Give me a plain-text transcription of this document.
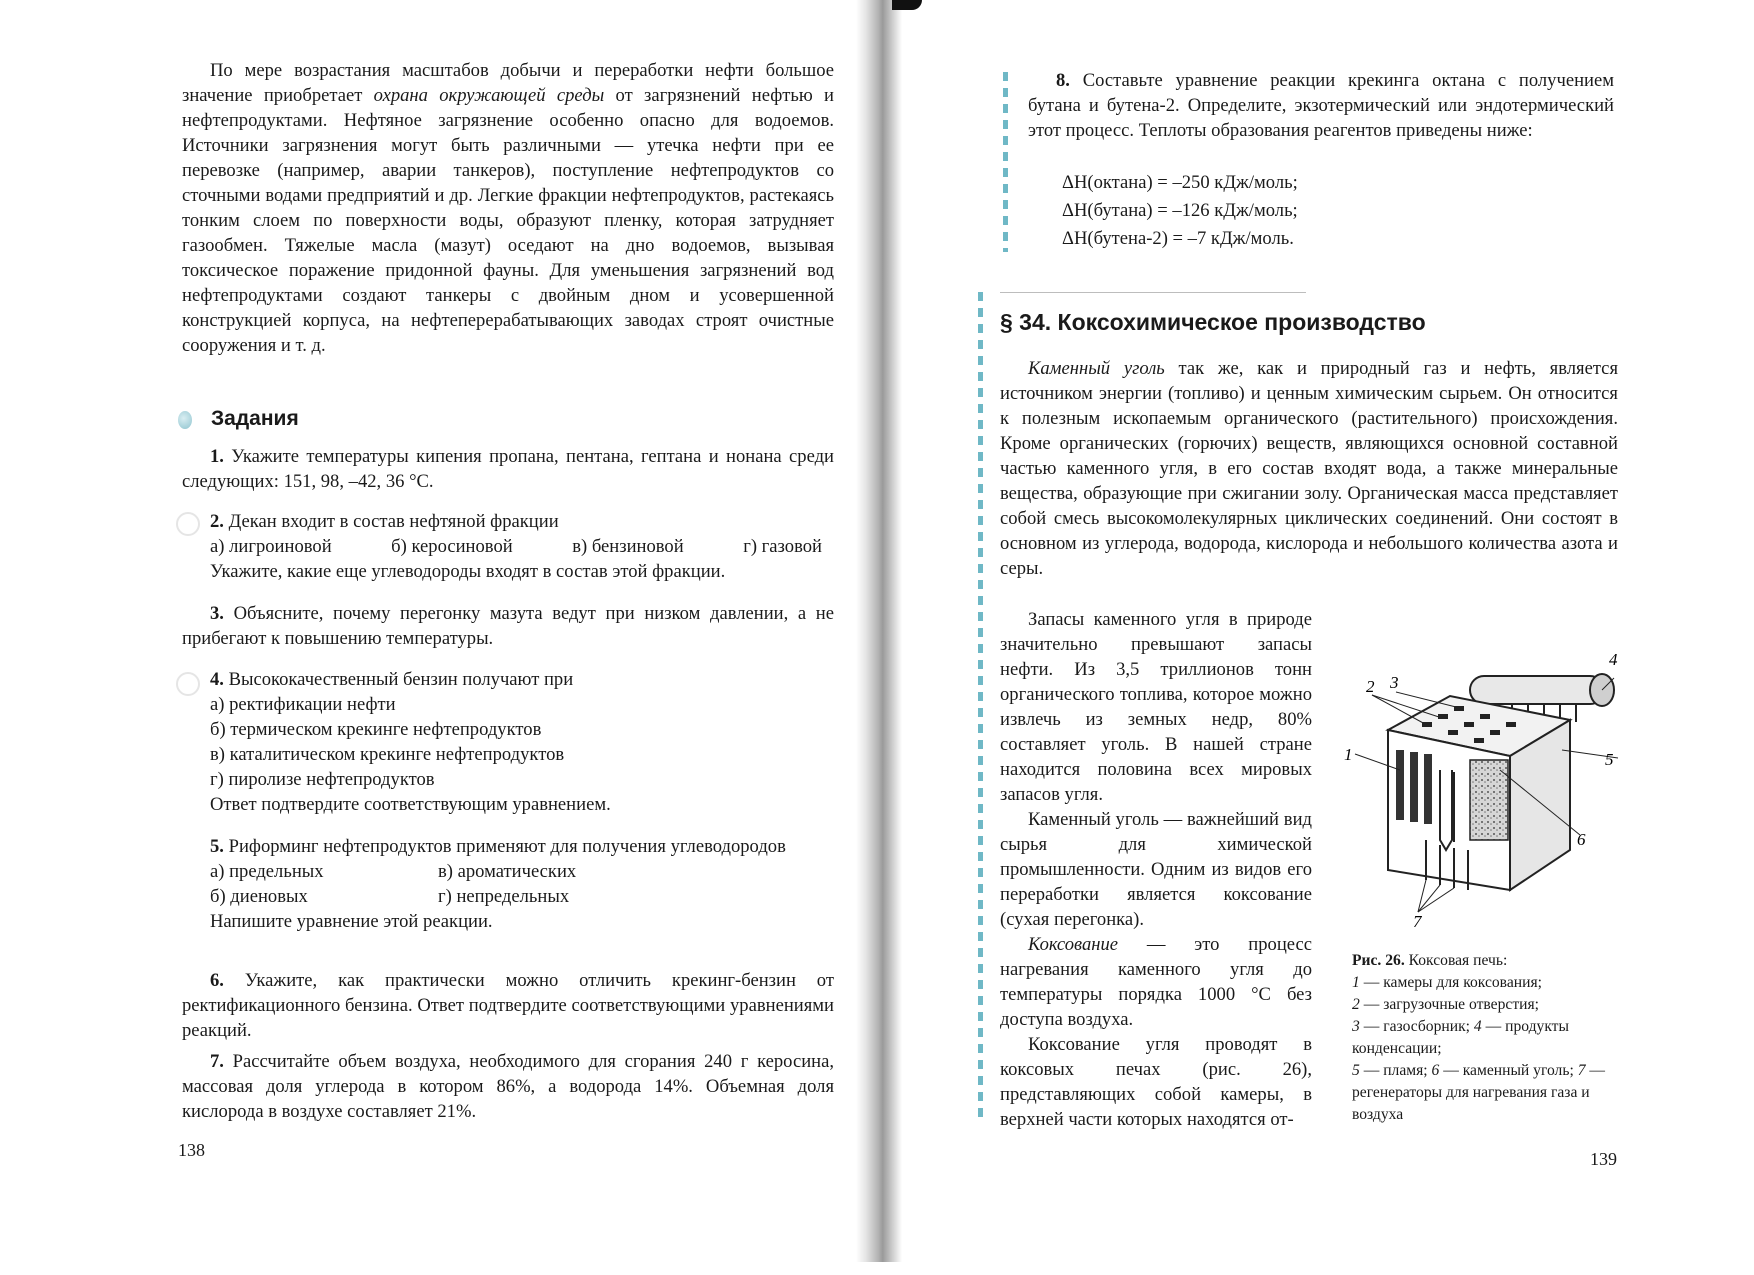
По мере возрастания масштабов добычи и переработки нефти большое значение приобретает охрана окружающей среды от загрязнений нефтью и нефтепродуктами. Нефтяное загрязнение особенно опасно для водоемов. Источники загрязнения могут быть различными — утечка нефти при ее перевозке (например, аварии танкеров), поступление нефтепродуктов со сточными водами предприятий и др. Легкие фракции нефтепродуктов, растекаясь тонким слоем по поверхности воды, образуют пленку, которая затрудняет газообмен. Тяжелые масла (мазут) оседают на дно водоемов, вызывая токсическое поражение придонной фауны. Для уменьшения загрязнений вод нефтепродуктами создают танкеры с двойным дном и усовершенной конструкцией корпуса, на нефтеперерабатывающих заводах строят очистные сооружения и т. д.

Задания

1. Укажите температуры кипения пропана, пентана, гептана и нонана среди следующих: 151, 98, –42, 36 °C.

2. Декан входит в состав нефтяной фракции

а) лигроиновой	б) керосиновой	в) бензиновой	г) газовой

Укажите, какие еще углеводороды входят в состав этой фракции.

3. Объясните, почему перегонку мазута ведут при низком давлении, а не прибегают к повышению температуры.

4. Высококачественный бензин получают при

а) ректификации нефти

б) термическом крекинге нефтепродуктов

в) каталитическом крекинге нефтепродуктов

г) пиролизе нефтепродуктов

Ответ подтвердите соответствующим уравнением.

5. Риформинг нефтепродуктов применяют для получения углеводородов

а) предельных	в) ароматических
б) диеновых	г) непредельных

Напишите уравнение этой реакции.

6. Укажите, как практически можно отличить крекинг-бензин от ректификационного бензина. Ответ подтвердите соответствующими уравнениями реакций.

7. Рассчитайте объем воздуха, необходимого для сгорания 240 г керосина, массовая доля углерода в котором 86%, а водорода 14%. Объемная доля кислорода в воздухе составляет 21%.

138

8. Составьте уравнение реакции крекинга октана с получением бутана и бутена-2. Определите, экзотермический или эндотермический этот процесс. Теплоты образования реагентов приведены ниже:

ΔH(октана) = –250 кДж/моль;
ΔH(бутана) = –126 кДж/моль;
ΔH(бутена-2) = –7 кДж/моль.
§ 34. Коксохимическое производство

Каменный уголь так же, как и природный газ и нефть, является источником энергии (топливо) и ценным химическим сырьем. Он относится к полезным ископаемым органического (растительного) происхождения. Кроме органических (горючих) веществ, являющихся основной составной частью каменного угля, в его состав входят вода, а также минеральные вещества, образующие при сжигании золу. Органическая масса представляет собой смесь высокомолекулярных циклических соединений. Они состоят в основном из углерода, водорода, кислорода и небольшого количества азота и серы.

Запасы каменного угля в природе значительно превышают запасы нефти. Из 3,5 триллионов тонн органического топлива, которое можно извлечь из земных недр, 80% составляет уголь. В нашей стране находится половина всех мировых запасов угля.

Каменный уголь — важнейший вид сырья для химической промышленности. Одним из видов его переработки является коксование (сухая перегонка).

Коксование — это процесс нагревания каменного угля до температуры порядка 1000 °C без доступа воздуха.

Коксование угля проводят в коксовых печах (рис. 26), представляющих собой камеры, в верхней части которых находятся от-

2 3
4
1	5
6
7
Рис. 26. Коксовая печь:
1 — камеры для коксования;
2 — загрузочные отверстия;
3 — газосборник; 4 — продукты конденсации;
5 — пламя; 6 — каменный уголь; 7 — регенераторы для нагревания газа и воздуха
139
